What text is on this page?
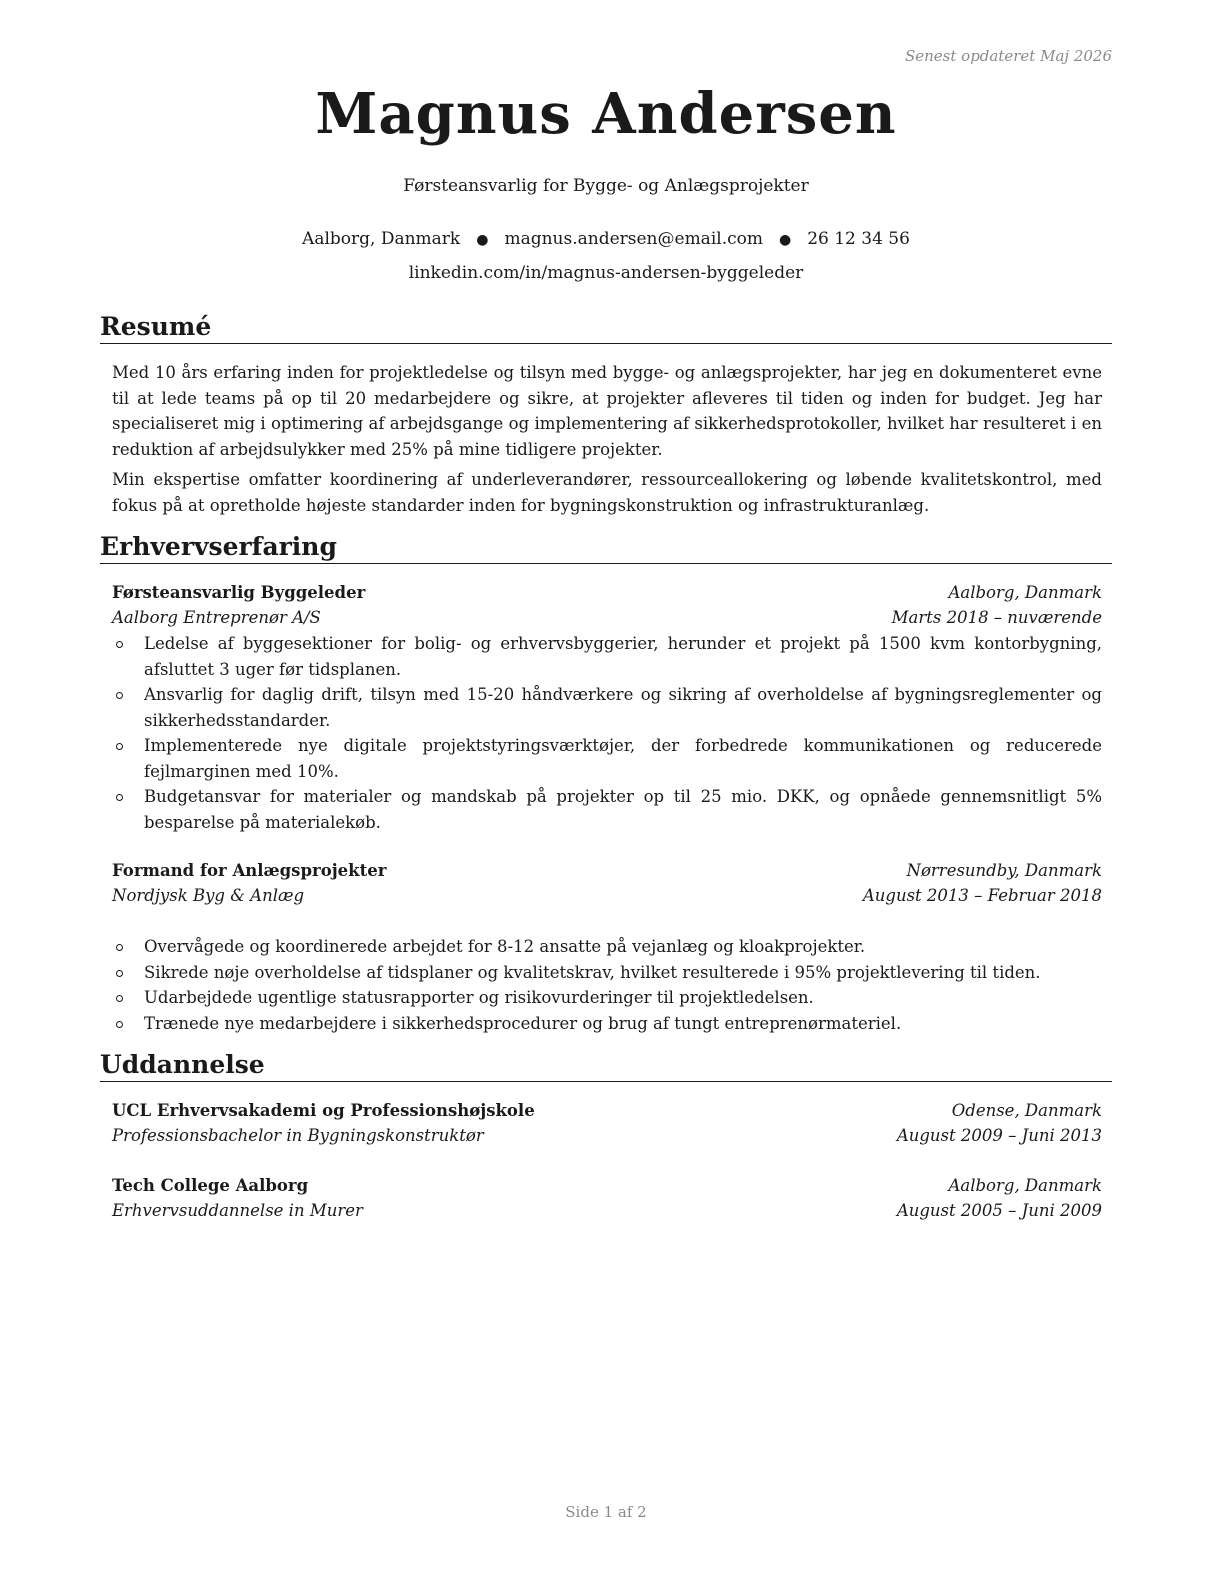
Senest opdateret Maj 2026
Magnus Andersen
Førsteansvarlig for Bygge- og Anlægsprojekter
Aalborg, Danmark ● magnus.andersen@email.com ● 26 12 34 56
linkedin.com/in/magnus-andersen-byggeleder
Resumé

Med 10 års erfaring inden for projektledelse og tilsyn med bygge- og anlægsprojekter, har jeg en dokumenteret evne til at lede teams på op til 20 medarbejdere og sikre, at projekter afleveres til tiden og inden for budget. Jeg har specialiseret mig i optimering af arbejdsgange og implementering af sikkerhedsprotokoller, hvilket har resulteret i en reduktion af arbejdsulykker med 25% på mine tidligere projekter.

Min ekspertise omfatter koordinering af underleverandører, ressourceallokering og løbende kvalitetskontrol, med fokus på at opretholde højeste standarder inden for bygningskonstruktion og infrastrukturanlæg.

Erhvervserfaring
Førsteansvarlig Byggeleder	Aalborg, Danmark
Aalborg Entreprenør A/S	Marts 2018 – nuværende
Ledelse af byggesektioner for bolig- og erhvervsbyggerier, herunder et projekt på 1500 kvm kontorbygning, afsluttet 3 uger før tidsplanen.
Ansvarlig for daglig drift, tilsyn med 15-20 håndværkere og sikring af overholdelse af bygningsreglementer og sikkerhedsstandarder.
Implementerede nye digitale projektstyringsværktøjer, der forbedrede kommunikationen og reducerede fejlmarginen med 10%.
Budgetansvar for materialer og mandskab på projekter op til 25 mio. DKK, og opnåede gennemsnitligt 5% besparelse på materialekøb.
Formand for Anlægsprojekter	Nørresundby, Danmark
Nordjysk Byg & Anlæg	August 2013 – Februar 2018
Overvågede og koordinerede arbejdet for 8-12 ansatte på vejanlæg og kloakprojekter.
Sikrede nøje overholdelse af tidsplaner og kvalitetskrav, hvilket resulterede i 95% projektlevering til tiden.
Udarbejdede ugentlige statusrapporter og risikovurderinger til projektledelsen.
Trænede nye medarbejdere i sikkerhedsprocedurer og brug af tungt entreprenørmateriel.
Uddannelse
UCL Erhvervsakademi og Professionshøjskole	Odense, Danmark
Professionsbachelor in Bygningskonstruktør	August 2009 – Juni 2013
Tech College Aalborg	Aalborg, Danmark
Erhvervsuddannelse in Murer	August 2005 – Juni 2009
Side 1 af 2
